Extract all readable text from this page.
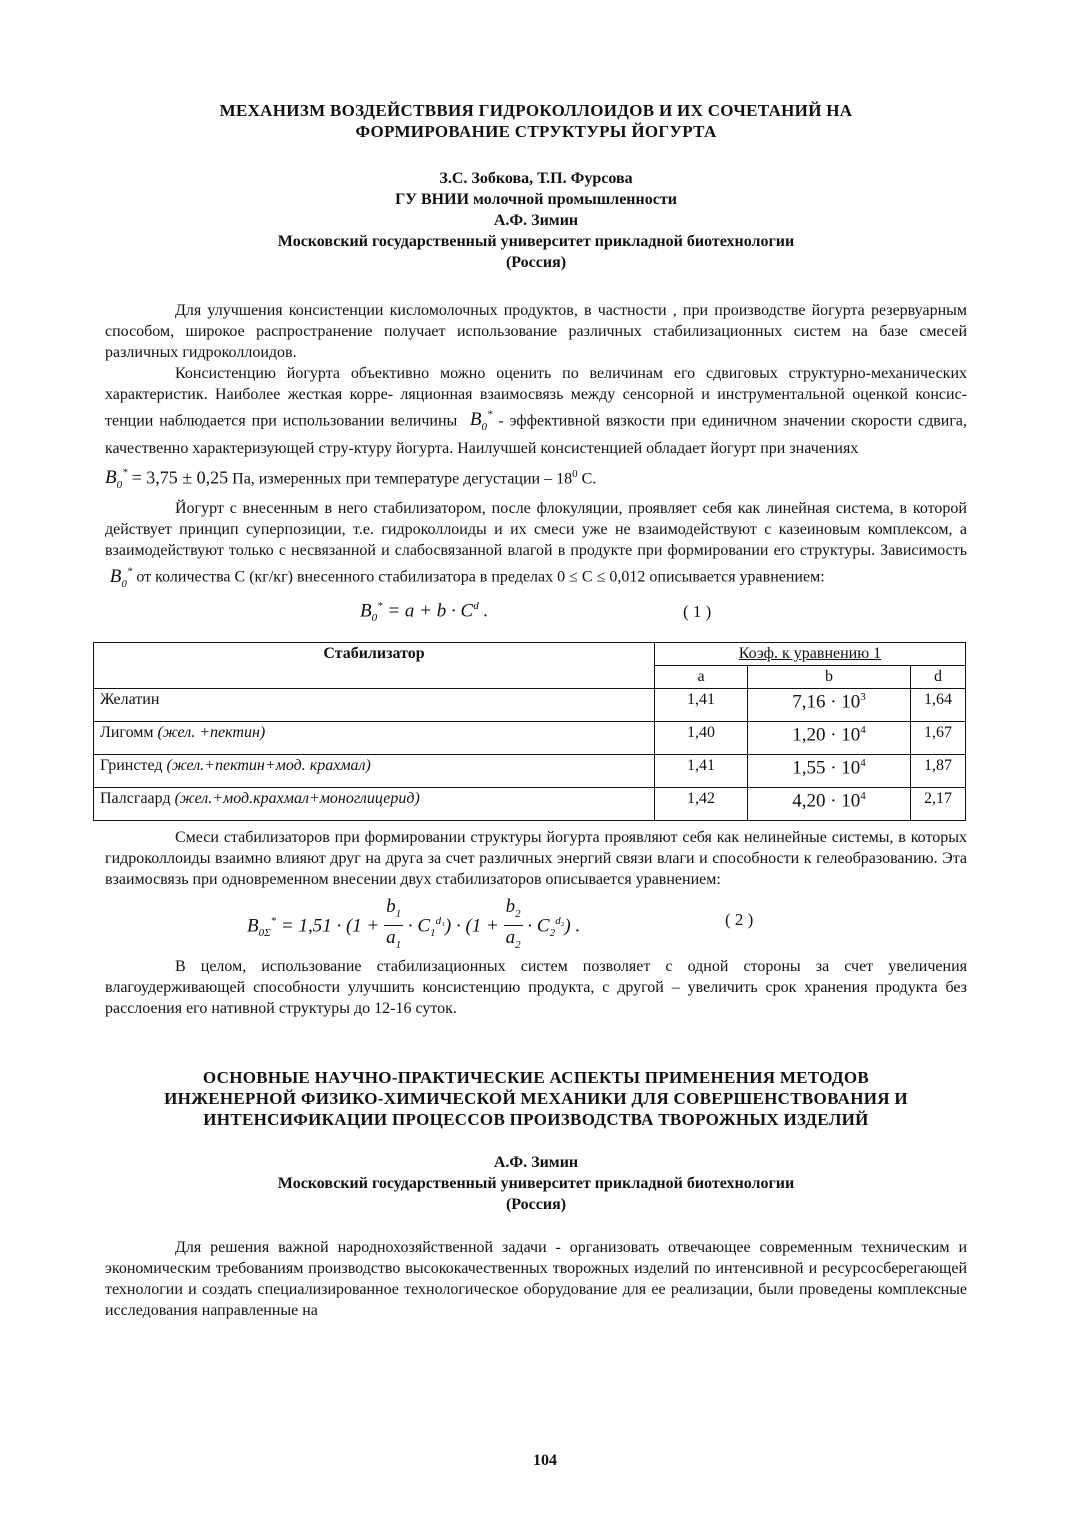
МЕХАНИЗМ ВОЗДЕЙСТВВИЯ ГИДРОКОЛЛОИДОВ И ИХ СОЧЕТАНИЙ НА
ФОРМИРОВАНИЕ СТРУКТУРЫ ЙОГУРТА
З.С. Зобкова, Т.П. Фурсова
ГУ ВНИИ молочной промышленности
А.Ф. Зимин
Московский государственный университет прикладной биотехнологии
(Россия)

Для улучшения консистенции кисломолочных продуктов, в частности , при производстве йогурта резервуарным способом, широкое распространение получает использование различных стабилизационных систем на базе смесей различных гидроколлоидов.

Консистенцию йогурта объективно можно оценить по величинам его сдвиговых структурно-механических характеристик. Наиболее жесткая корре- ляционная взаимосвязь между сенсорной и инструментальной оценкой консис-тенции наблюдается при использовании величины  $B_0^*$ - эффективной вязкости при единичном значении скорости сдвига, качественно характеризующей стру-ктуру йогурта. Наилучшей консистенцией обладает йогурт при значениях

$B_0^* = 3,75 \pm 0,25$ Па, измеренных при температуре дегустации – $18^0$ C.

Йогурт с внесенным в него стабилизатором, после флокуляции, проявляет себя как линейная система, в которой действует принцип суперпозиции, т.е. гидроколлоиды и их смеси уже не взаимодействуют с казеиновым комплексом, а взаимодействуют только с несвязанной и слабосвязанной влагой в продукте при формировании его структуры. Зависимость  $B_0^*$ от количества С (кг/кг) внесенного стабилизатора в пределах 0 ≤ C ≤ 0,012 описывается уравнением:

$B_0^* = a + b \cdot C^d$ .	( 1 )
Стабилизатор	Коэф. к уравнению 1		
	a	b	d
Желатин	1,41	$7,16 \cdot 10^3$	1,64
Лигомм (жел. +пектин)	1,40	$1,20 \cdot 10^4$	1,67
Гринстед (жел.+пектин+мод. крахмал)	1,41	$1,55 \cdot 10^4$	1,87
Палсгаард (жел.+мод.крахмал+моноглицерид)	1,42	$4,20 \cdot 10^4$	2,17

Смеси стабилизаторов при формировании структуры йогурта проявляют себя как нелинейные системы, в которых гидроколлоиды взаимно влияют друг на друга за счет различных энергий связи влаги и способности к гелеобразованию. Эта взаимосвязь при одновременном внесении двух стабилизаторов описывается уравнением:

$B_{0\Sigma}^* = 1,51 \cdot (1 + \frac{b_1}{a_1} \cdot C_1^{d_1}) \cdot (1 + \frac{b_2}{a_2} \cdot C_2^{d_2})$ .	( 2 )

В целом, использование стабилизационных систем позволяет с одной стороны за счет увеличения влагоудерживающей способности улучшить консистенцию продукта, с другой – увеличить срок хранения продукта без расслоения его нативной структуры до 12-16 суток.

ОСНОВНЫЕ НАУЧНО-ПРАКТИЧЕСКИЕ АСПЕКТЫ ПРИМЕНЕНИЯ МЕТОДОВ
ИНЖЕНЕРНОЙ ФИЗИКО-ХИМИЧЕСКОЙ МЕХАНИКИ ДЛЯ СОВЕРШЕНСТВОВАНИЯ И
ИНТЕНСИФИКАЦИИ ПРОЦЕССОВ ПРОИЗВОДСТВА ТВОРОЖНЫХ ИЗДЕЛИЙ
А.Ф. Зимин
Московский государственный университет прикладной биотехнологии
(Россия)

Для решения важной народнохозяйственной задачи - организовать отвечающее современным техническим и экономическим требованиям производство высококачественных творожных изделий по интенсивной и ресурсосберегающей технологии и создать специализированное технологическое оборудование для ее реализации, были проведены комплексные исследования направленные на

104
